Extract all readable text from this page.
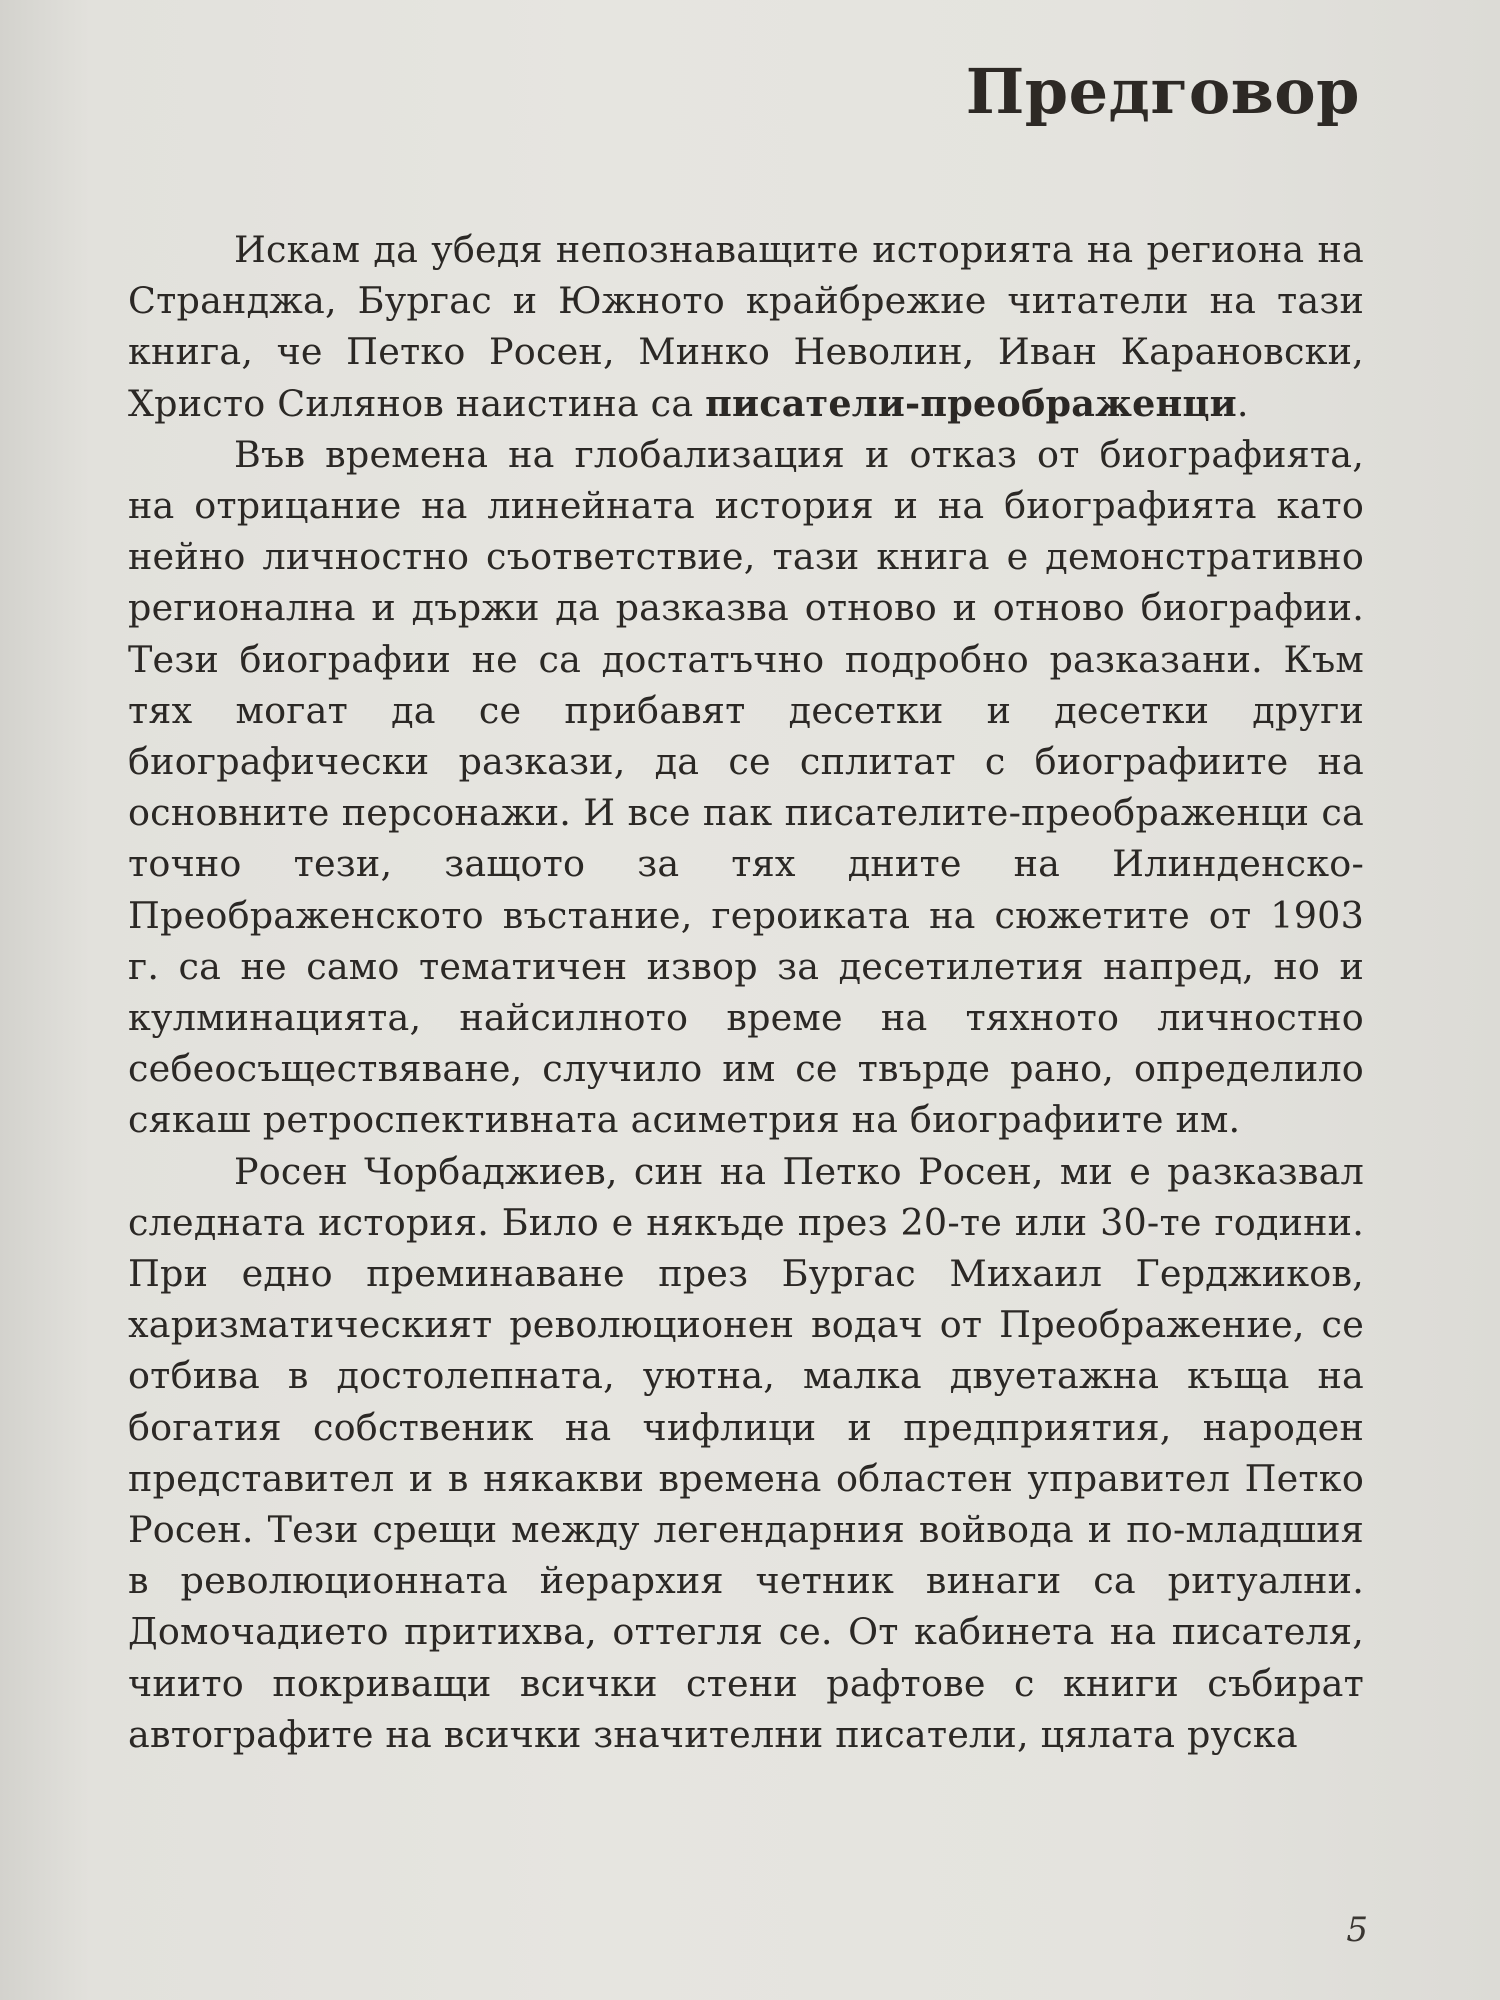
Предговор

Искам да убедя непознаващите историята на региона на Странджа, Бургас и Южното крайбрежие читатели на тази книга, че Петко Росен, Минко Неволин, Иван Карановски, Христо Силянов наистина са писатели-преображенци.

Във времена на глобализация и отказ от биографията, на отрицание на линейната история и на биографията като нейно личностно съответствие, тази книга е демонстративно регионална и държи да разказва отново и отново биографии. Тези биографии не са достатъчно подробно разказани. Към тях могат да се прибавят десетки и десетки други биографически разкази, да се сплитат с биографиите на основните персонажи. И все пак писателите-преображенци са точно тези, защото за тях дните на Илинденско-Преображенското въстание, героиката на сюжетите от 1903 г. са не само тематичен извор за десетилетия напред, но и кулминацията, найсилното време на тяхното личностно себеосъществяване, случило им се твърде рано, определило сякаш ретроспективната асиметрия на биографиите им.

Росен Чорбаджиев, син на Петко Росен, ми е разказвал следната история. Било е някъде през 20-те или 30-те години. При едно преминаване през Бургас Михаил Герджиков, харизматическият революционен водач от Преображение, се отбива в достолепната, уютна, малка двуетажна къща на богатия собственик на чифлици и предприятия, народен представител и в някакви времена областен управител Петко Росен. Тези срещи между легендарния войвода и по-младшия в революционната йерархия четник винаги са ритуални. Домочадието притихва, оттегля се. От кабинета на писателя, чиито покриващи всички стени рафтове с книги събират автографите на всички значителни писатели, цялата руска

5
